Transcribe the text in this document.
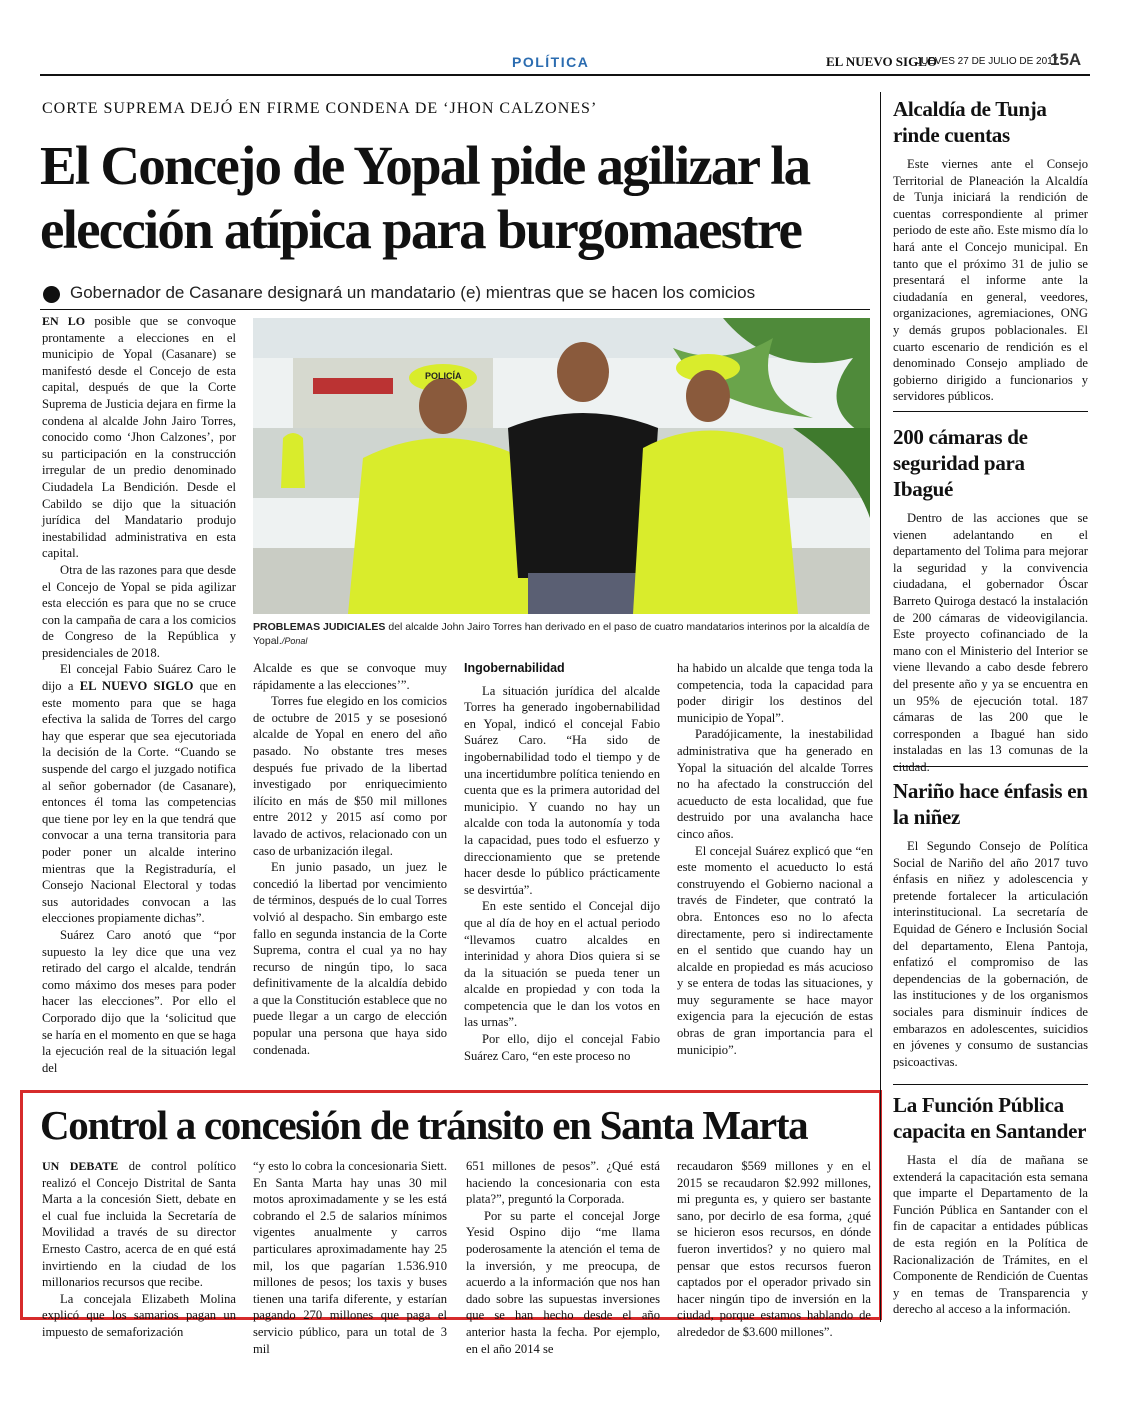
POLÍTICA	EL NUEVO SIGLO
JUEVES 27 DE JULIO DE 2017
15A
CORTE SUPREMA DEJÓ EN FIRME CONDENA DE ‘JHON CALZONES’
El Concejo de Yopal pide agilizar la
elección atípica para burgomaestre
Gobernador de Casanare designará un mandatario (e) mientras que se hacen los comicios

EN LO posible que se convoque prontamente a elecciones en el municipio de Yopal (Casanare) se manifestó desde el Concejo de esta capital, después de que la Corte Suprema de Justicia dejara en firme la condena al alcalde John Jairo Torres, conocido como ‘Jhon Calzones’, por su participación en la construcción irregular de un predio denominado Ciudadela La Bendición. Desde el Cabildo se dijo que la situación jurídica del Mandatario produjo inestabilidad administrativa en esta capital.

Otra de las razones para que desde el Concejo de Yopal se pida agilizar esta elección es para que no se cruce con la campaña de cara a los comicios de Congreso de la República y presidenciales de 2018.

El concejal Fabio Suárez Caro le dijo a EL NUEVO SIGLO que en este momento para que se haga efectiva la salida de Torres del cargo hay que esperar que sea ejecutoriada la decisión de la Corte. “Cuando se suspende del cargo el juzgado notifica al señor gobernador (de Casanare), entonces él toma las competencias que tiene por ley en la que tendrá que convocar a una terna transitoria para poder poner un alcalde interino mientras que la Registraduría, el Consejo Nacional Electoral y todas sus autoridades convocan a las elecciones propiamente dichas”.

Suárez Caro anotó que “por supuesto la ley dice que una vez retirado del cargo el alcalde, tendrán como máximo dos meses para poder hacer las elecciones”. Por ello el Corporado dijo que la ‘solicitud que se haría en el momento en que se haga la ejecución real de la situación legal del

POLICÍA
PROBLEMAS JUDICIALES del alcalde John Jairo Torres han derivado en el paso de cuatro mandatarios interinos por la alcaldía de Yopal./Ponal

Alcalde es que se convoque muy rápidamente a las elecciones’”.

Torres fue elegido en los comicios de octubre de 2015 y se posesionó alcalde de Yopal en enero del año pasado. No obstante tres meses después fue privado de la libertad investigado por enriquecimiento ilícito en más de $50 mil millones entre 2012 y 2015 así como por lavado de activos, relacionado con un caso de urbanización ilegal.

En junio pasado, un juez le concedió la libertad por vencimiento de términos, después de lo cual Torres volvió al despacho. Sin embargo este fallo en segunda instancia de la Corte Suprema, contra el cual ya no hay recurso de ningún tipo, lo saca definitivamente de la alcaldía debido a que la Constitución establece que no puede llegar a un cargo de elección popular una persona que haya sido condenada.

Ingobernabilidad

La situación jurídica del alcalde Torres ha generado ingobernabilidad en Yopal, indicó el concejal Fabio Suárez Caro. “Ha sido de ingobernabilidad todo el tiempo y de una incertidumbre política teniendo en cuenta que es la primera autoridad del municipio. Y cuando no hay un alcalde con toda la autonomía y toda la capacidad, pues todo el esfuerzo y direccionamiento que se pretende hacer desde lo público prácticamente se desvirtúa”.

En este sentido el Concejal dijo que al día de hoy en el actual periodo “llevamos cuatro alcaldes en interinidad y ahora Dios quiera si se da la situación se pueda tener un alcalde en propiedad y con toda la competencia que le dan los votos en las urnas”.

Por ello, dijo el concejal Fabio Suárez Caro, “en este proceso no

ha habido un alcalde que tenga toda la competencia, toda la capacidad para poder dirigir los destinos del municipio de Yopal”.

Paradójicamente, la inestabilidad administrativa que ha generado en Yopal la situación del alcalde Torres no ha afectado la construcción del acueducto de esta localidad, que fue destruido por una avalancha hace cinco años.

El concejal Suárez explicó que “en este momento el acueducto lo está construyendo el Gobierno nacional a través de Findeter, que contrató la obra. Entonces eso no lo afecta directamente, pero si indirectamente en el sentido que cuando hay un alcalde en propiedad es más acucioso y se entera de todas las situaciones, y muy seguramente se hace mayor exigencia para la ejecución de estas obras de gran importancia para el municipio”.

Control a concesión de tránsito en Santa Marta

UN DEBATE de control político realizó el Concejo Distrital de Santa Marta a la concesión Siett, debate en el cual fue incluida la Secretaría de Movilidad a través de su director Ernesto Castro, acerca de en qué está invirtiendo en la ciudad de los millonarios recursos que recibe.

La concejala Elizabeth Molina explicó que los samarios pagan un impuesto de semaforización

“y esto lo cobra la concesionaria Siett. En Santa Marta hay unas 30 mil motos aproximadamente y se les está cobrando el 2.5 de salarios mínimos vigentes anualmente y carros particulares aproximadamente hay 25 mil, los que pagarían 1.536.910 millones de pesos; los taxis y buses tienen una tarifa diferente, y estarían pagando 270 millones que paga el servicio público, para un total de 3 mil

651 millones de pesos”. ¿Qué está haciendo la concesionaria con esta plata?”, preguntó la Corporada.

Por su parte el concejal Jorge Yesid Ospino dijo “me llama poderosamente la atención el tema de la inversión, y me preocupa, de acuerdo a la información que nos han dado sobre las supuestas inversiones que se han hecho desde el año anterior hasta la fecha. Por ejemplo, en el año 2014 se

recaudaron $569 millones y en el 2015 se recaudaron $2.992 millones, mi pregunta es, y quiero ser bastante sano, por decirlo de esa forma, ¿qué se hicieron esos recursos, en dónde fueron invertidos? y no quiero mal pensar que estos recursos fueron captados por el operador privado sin hacer ningún tipo de inversión en la ciudad, porque estamos hablando de alrededor de $3.600 millones”.

Alcaldía de Tunja rinde cuentas
Este viernes ante el Consejo Territorial de Planeación la Alcaldía de Tunja iniciará la rendición de cuentas correspondiente al primer periodo de este año. Este mismo día lo hará ante el Concejo municipal. En tanto que el próximo 31 de julio se presentará el informe ante la ciudadanía en general, veedores, organizaciones, agremiaciones, ONG y demás grupos poblacionales. El cuarto escenario de rendición es el denominado Consejo ampliado de gobierno dirigido a funcionarios y servidores públicos.
200 cámaras de seguridad para Ibagué
Dentro de las acciones que se vienen adelantando en el departamento del Tolima para mejorar la seguridad y la convivencia ciudadana, el gobernador Óscar Barreto Quiroga destacó la instalación de 200 cámaras de videovigilancia. Este proyecto cofinanciado de la mano con el Ministerio del Interior se viene llevando a cabo desde febrero del presente año y ya se encuentra en un 95% de ejecución total. 187 cámaras de las 200 que le corresponden a Ibagué han sido instaladas en las 13 comunas de la
Nariño hace énfasis en la niñez
El Segundo Consejo de Política Social de Nariño del año 2017 tuvo énfasis en niñez y adolescencia y pretende fortalecer la articulación interinstitucional. La secretaría de Equidad de Género e Inclusión Social del departamento, Elena Pantoja, enfatizó el compromiso de las dependencias de la gobernación, de las instituciones y de los organismos sociales para disminuir índices de embarazos en adolescentes, suicidios en jóvenes y consumo de sustancias psicoactivas.
La Función Pública capacita en Santander
Hasta el día de mañana se extenderá la capacitación esta semana que imparte el Departamento de la Función Pública en Santander con el fin de capacitar a entidades públicas de esta región en la Política de Racionalización de Trámites, en el Componente de Rendición de Cuentas y en temas de Transparencia y derecho al acceso a la información.
